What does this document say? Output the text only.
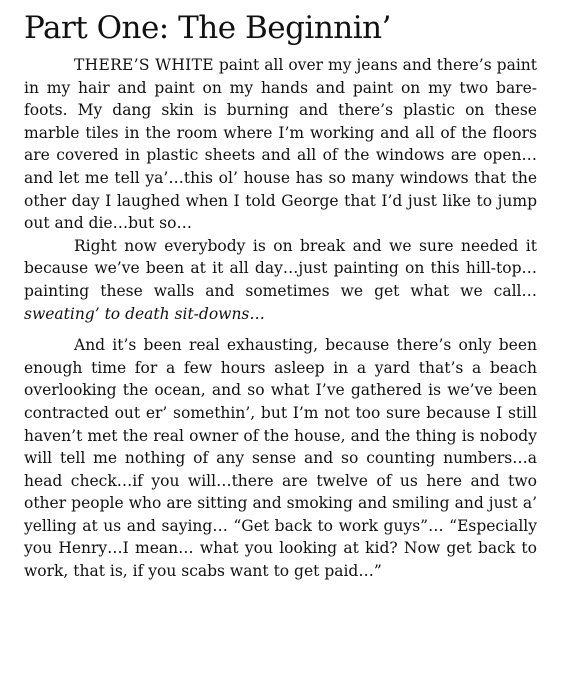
Part One: The Beginnin’

THERE’S WHITE paint all over my jeans and there’s paint in my hair and paint on my hands and paint on my two bare-foots. My dang skin is burning and there’s plastic on these marble tiles in the room where I’m working and all of the floors are covered in plastic sheets and all of the windows are open…and let me tell ya’…this ol’ house has so many windows that the other day I laughed when I told George that I’d just like to jump out and die…but so…

Right now everybody is on break and we sure needed it because we’ve been at it all day…just painting on this hill-top… painting these walls and sometimes we get what we call… sweating’ to death sit-downs…

And it’s been real exhausting, because there’s only been enough time for a few hours asleep in a yard that’s a beach overlooking the ocean, and so what I’ve gathered is we’ve been contracted out er’ somethin’, but I’m not too sure because I still haven’t met the real owner of the house, and the thing is nobody will tell me nothing of any sense and so counting numbers…a head check…if you will…there are twelve of us here and two other people who are sitting and smoking and smiling and just a’ yelling at us and saying… “Get back to work guys”… “Especially you Henry…I mean… what you looking at kid? Now get back to work, that is, if you scabs want to get paid…”
